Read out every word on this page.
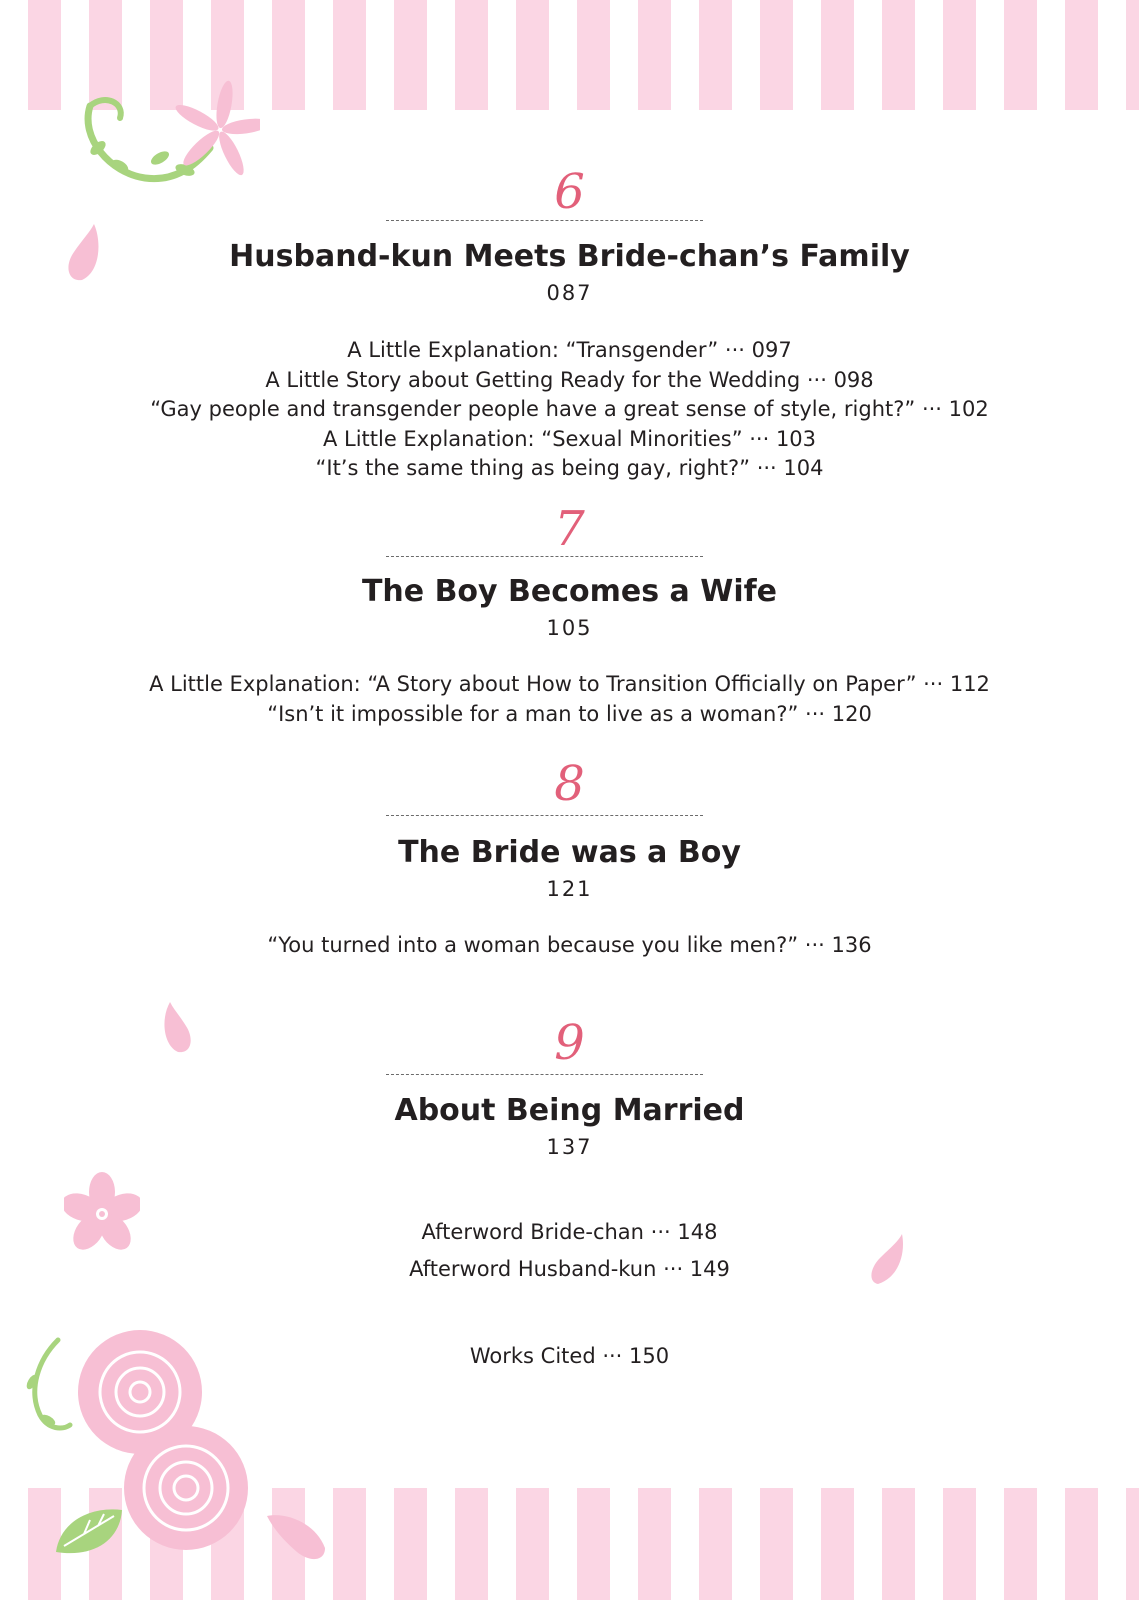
6
Husband-kun Meets Bride-chan’s Family
087
A Little Explanation: “Transgender” ··· 097
A Little Story about Getting Ready for the Wedding ··· 098
“Gay people and transgender people have a great sense of style, right?” ··· 102
A Little Explanation: “Sexual Minorities” ··· 103
“It’s the same thing as being gay, right?” ··· 104
7
The Boy Becomes a Wife
105
A Little Explanation: “A Story about How to Transition Officially on Paper” ··· 112
“Isn’t it impossible for a man to live as a woman?” ··· 120
8
The Bride was a Boy
121
“You turned into a woman because you like men?” ··· 136
9
About Being Married
137
Afterword Bride-chan ··· 148
Afterword Husband-kun ··· 149
Works Cited ··· 150
